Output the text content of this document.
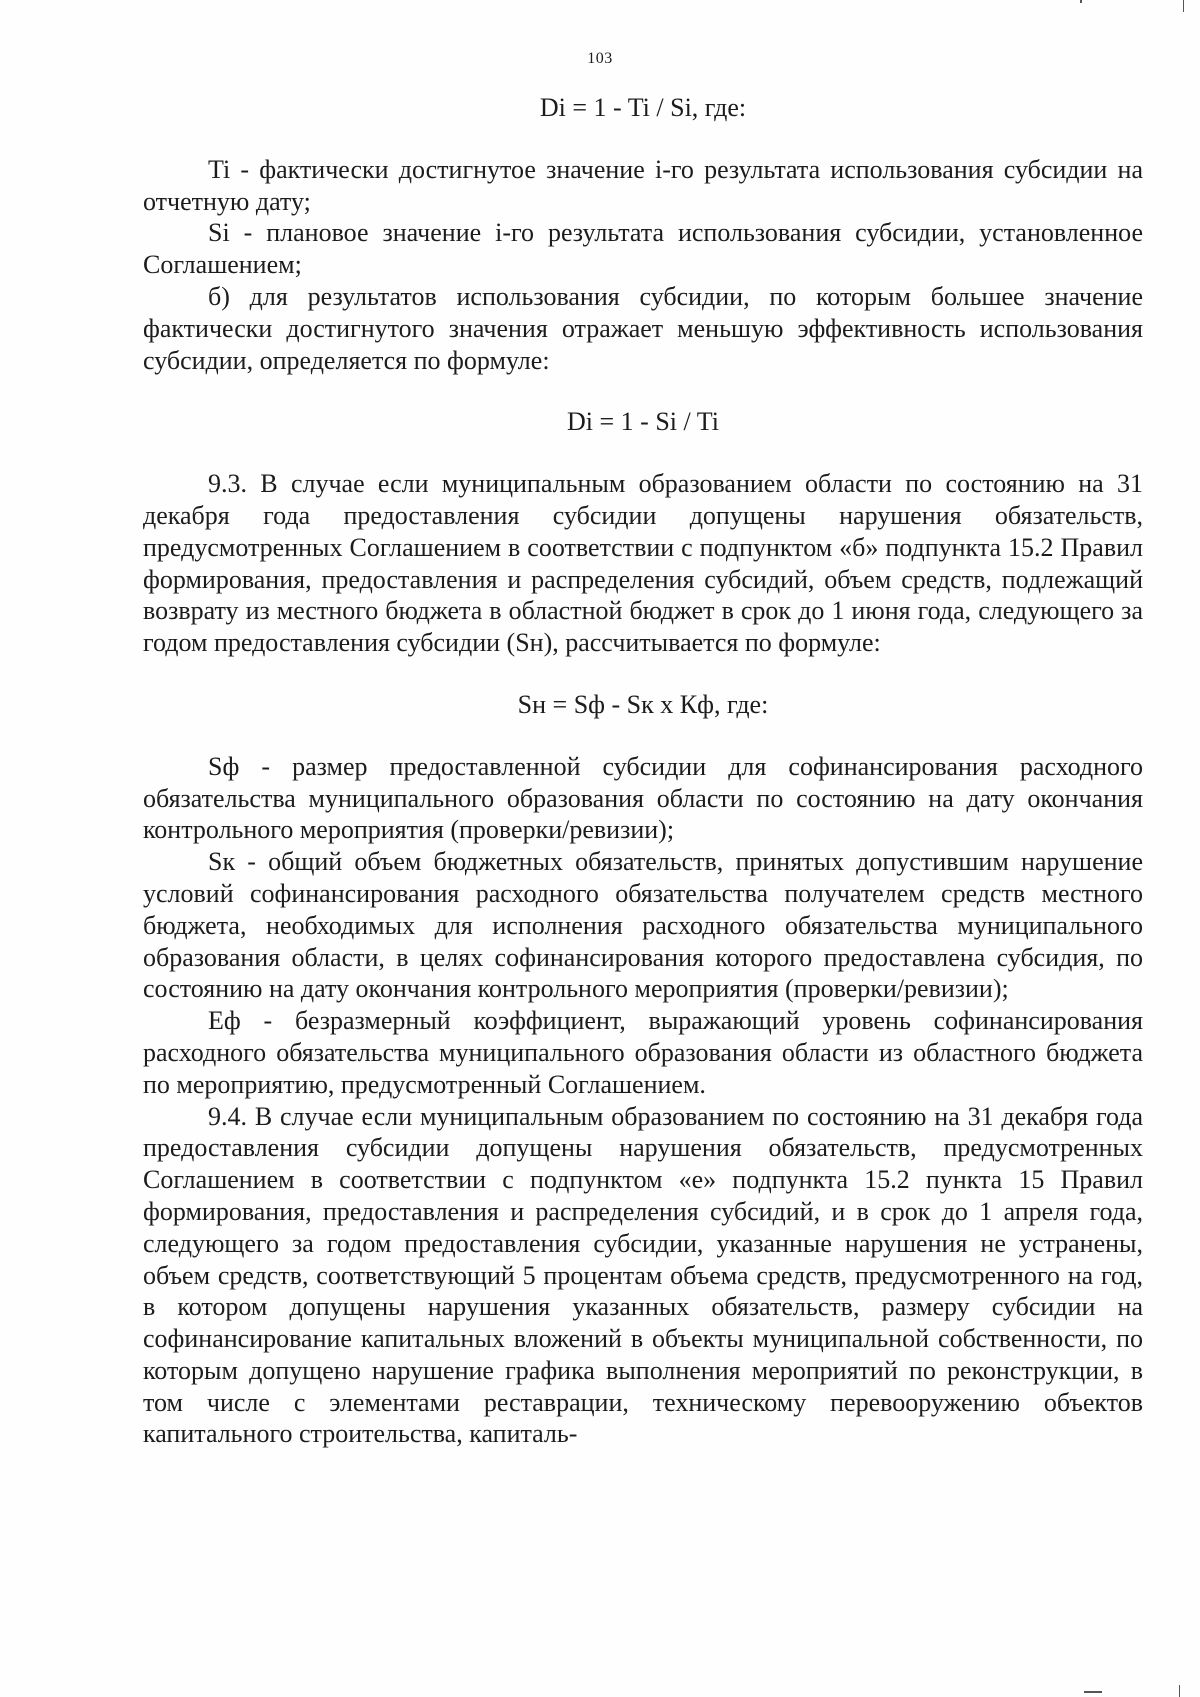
103

Di = 1 - Ti / Si, где:

Ti - фактически достигнутое значение i-го результата использования субсидии на отчетную дату;

Si - плановое значение i-го результата использования субсидии, установленное Соглашением;

б) для результатов использования субсидии, по которым большее значение фактически достигнутого значения отражает меньшую эффективность использования субсидии, определяется по формуле:

Di = 1 - Si / Ti

9.3. В случае если муниципальным образованием области по состоянию на 31 декабря года предоставления субсидии допущены нарушения обязательств, предусмотренных Соглашением в соответствии с подпунктом «б» подпункта 15.2 Правил формирования, предоставления и распределения субсидий, объем средств, подлежащий возврату из местного бюджета в областной бюджет в срок до 1 июня года, следующего за годом предоставления субсидии (Sн), рассчитывается по формуле:

Sн = Sф - Sк х Кф, где:

Sф - размер предоставленной субсидии для софинансирования расходного обязательства муниципального образования области по состоянию на дату окончания контрольного мероприятия (проверки/ревизии);

Sк - общий объем бюджетных обязательств, принятых допустившим нарушение условий софинансирования расходного обязательства получателем средств местного бюджета, необходимых для исполнения расходного обязательства муниципального образования области, в целях софинансирования которого предоставлена субсидия, по состоянию на дату окончания контрольного мероприятия (проверки/ревизии);

Еф - безразмерный коэффициент, выражающий уровень софинансирования расходного обязательства муниципального образования области из областного бюджета по мероприятию, предусмотренный Соглашением.

9.4. В случае если муниципальным образованием по состоянию на 31 декабря года предоставления субсидии допущены нарушения обязательств, предусмотренных Соглашением в соответствии с подпунктом «е» подпункта 15.2 пункта 15 Правил формирования, предоставления и распределения субсидий, и в срок до 1 апреля года, следующего за годом предоставления субсидии, указанные нарушения не устранены, объем средств, соответствующий 5 процентам объема средств, предусмотренного на год, в котором допущены нарушения указанных обязательств, размеру субсидии на софинансирование капитальных вложений в объекты муниципальной собственности, по которым допущено нарушение графика выполнения мероприятий по реконструкции, в том числе с элементами реставрации, техническому перевооружению объектов капитального строительства, капиталь-
